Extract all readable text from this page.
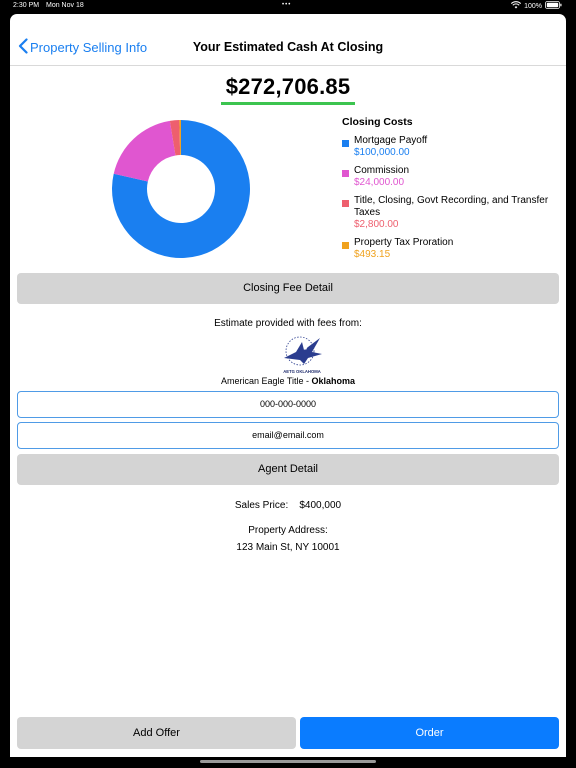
2:30 PM Mon Nov 18	•••	100%
Property Selling Info	Your Estimated Cash At Closing
$272,706.85
Closing Costs
Mortgage Payoff
$100,000.00
Commission
$24,000.00
Title, Closing, Govt Recording, and Transfer Taxes
$2,800.00
Property Tax Proration
$493.15
Closing Fee Detail
Estimate provided with fees from:
AETG OKLAHOMA
American Eagle Title - Oklahoma
000-000-0000
email@email.com
Agent Detail
Sales Price: $400,000
Property Address:
123 Main St, NY 10001
Add Offer	Order
